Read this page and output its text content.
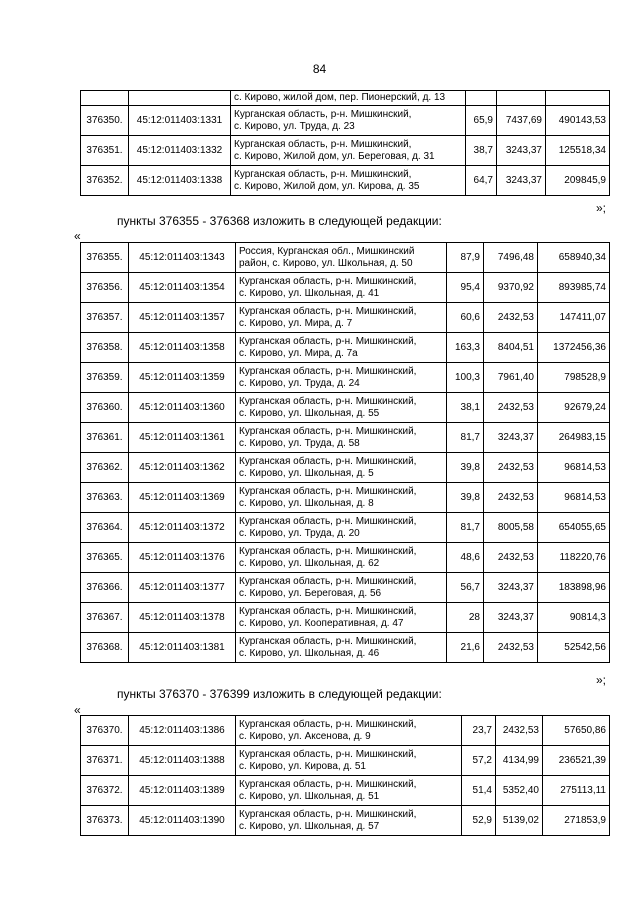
84
		с. Кирово, жилой дом, пер. Пионерский, д. 13			
376350.	45:12:011403:1331	Курганская область, р-н. Мишкинский,
с. Кирово, ул. Труда, д. 23	65,9	7437,69	490143,53
376351.	45:12:011403:1332	Курганская область, р-н. Мишкинский,
с. Кирово, Жилой дом, ул. Береговая, д. 31	38,7	3243,37	125518,34
376352.	45:12:011403:1338	Курганская область, р-н. Мишкинский,
с. Кирово, Жилой дом, ул. Кирова, д. 35	64,7	3243,37	209845,9
»;
пункты 376355 - 376368 изложить в следующей редакции:
«
376355.	45:12:011403:1343	Россия, Курганская обл., Мишкинский
район, с. Кирово, ул. Школьная, д. 50	87,9	7496,48	658940,34
376356.	45:12:011403:1354	Курганская область, р-н. Мишкинский,
с. Кирово, ул. Школьная, д. 41	95,4	9370,92	893985,74
376357.	45:12:011403:1357	Курганская область, р-н. Мишкинский,
с. Кирово, ул. Мира, д. 7	60,6	2432,53	147411,07
376358.	45:12:011403:1358	Курганская область, р-н. Мишкинский,
с. Кирово, ул. Мира, д. 7а	163,3	8404,51	1372456,36
376359.	45:12:011403:1359	Курганская область, р-н. Мишкинский,
с. Кирово, ул. Труда, д. 24	100,3	7961,40	798528,9
376360.	45:12:011403:1360	Курганская область, р-н. Мишкинский,
с. Кирово, ул. Школьная, д. 55	38,1	2432,53	92679,24
376361.	45:12:011403:1361	Курганская область, р-н. Мишкинский,
с. Кирово, ул. Труда, д. 58	81,7	3243,37	264983,15
376362.	45:12:011403:1362	Курганская область, р-н. Мишкинский,
с. Кирово, ул. Школьная, д. 5	39,8	2432,53	96814,53
376363.	45:12:011403:1369	Курганская область, р-н. Мишкинский,
с. Кирово, ул. Школьная, д. 8	39,8	2432,53	96814,53
376364.	45:12:011403:1372	Курганская область, р-н. Мишкинский,
с. Кирово, ул. Труда, д. 20	81,7	8005,58	654055,65
376365.	45:12:011403:1376	Курганская область, р-н. Мишкинский,
с. Кирово, ул. Школьная, д. 62	48,6	2432,53	118220,76
376366.	45:12:011403:1377	Курганская область, р-н. Мишкинский,
с. Кирово, ул. Береговая, д. 56	56,7	3243,37	183898,96
376367.	45:12:011403:1378	Курганская область, р-н. Мишкинский,
с. Кирово, ул. Кооперативная, д. 47	28	3243,37	90814,3
376368.	45:12:011403:1381	Курганская область, р-н. Мишкинский,
с. Кирово, ул. Школьная, д. 46	21,6	2432,53	52542,56
»;
пункты 376370 - 376399 изложить в следующей редакции:
«
376370.	45:12:011403:1386	Курганская область, р-н. Мишкинский,
с. Кирово, ул. Аксенова, д. 9	23,7	2432,53	57650,86
376371.	45:12:011403:1388	Курганская область, р-н. Мишкинский,
с. Кирово, ул. Кирова, д. 51	57,2	4134,99	236521,39
376372.	45:12:011403:1389	Курганская область, р-н. Мишкинский,
с. Кирово, ул. Школьная, д. 51	51,4	5352,40	275113,11
376373.	45:12:011403:1390	Курганская область, р-н. Мишкинский,
с. Кирово, ул. Школьная, д. 57	52,9	5139,02	271853,9
